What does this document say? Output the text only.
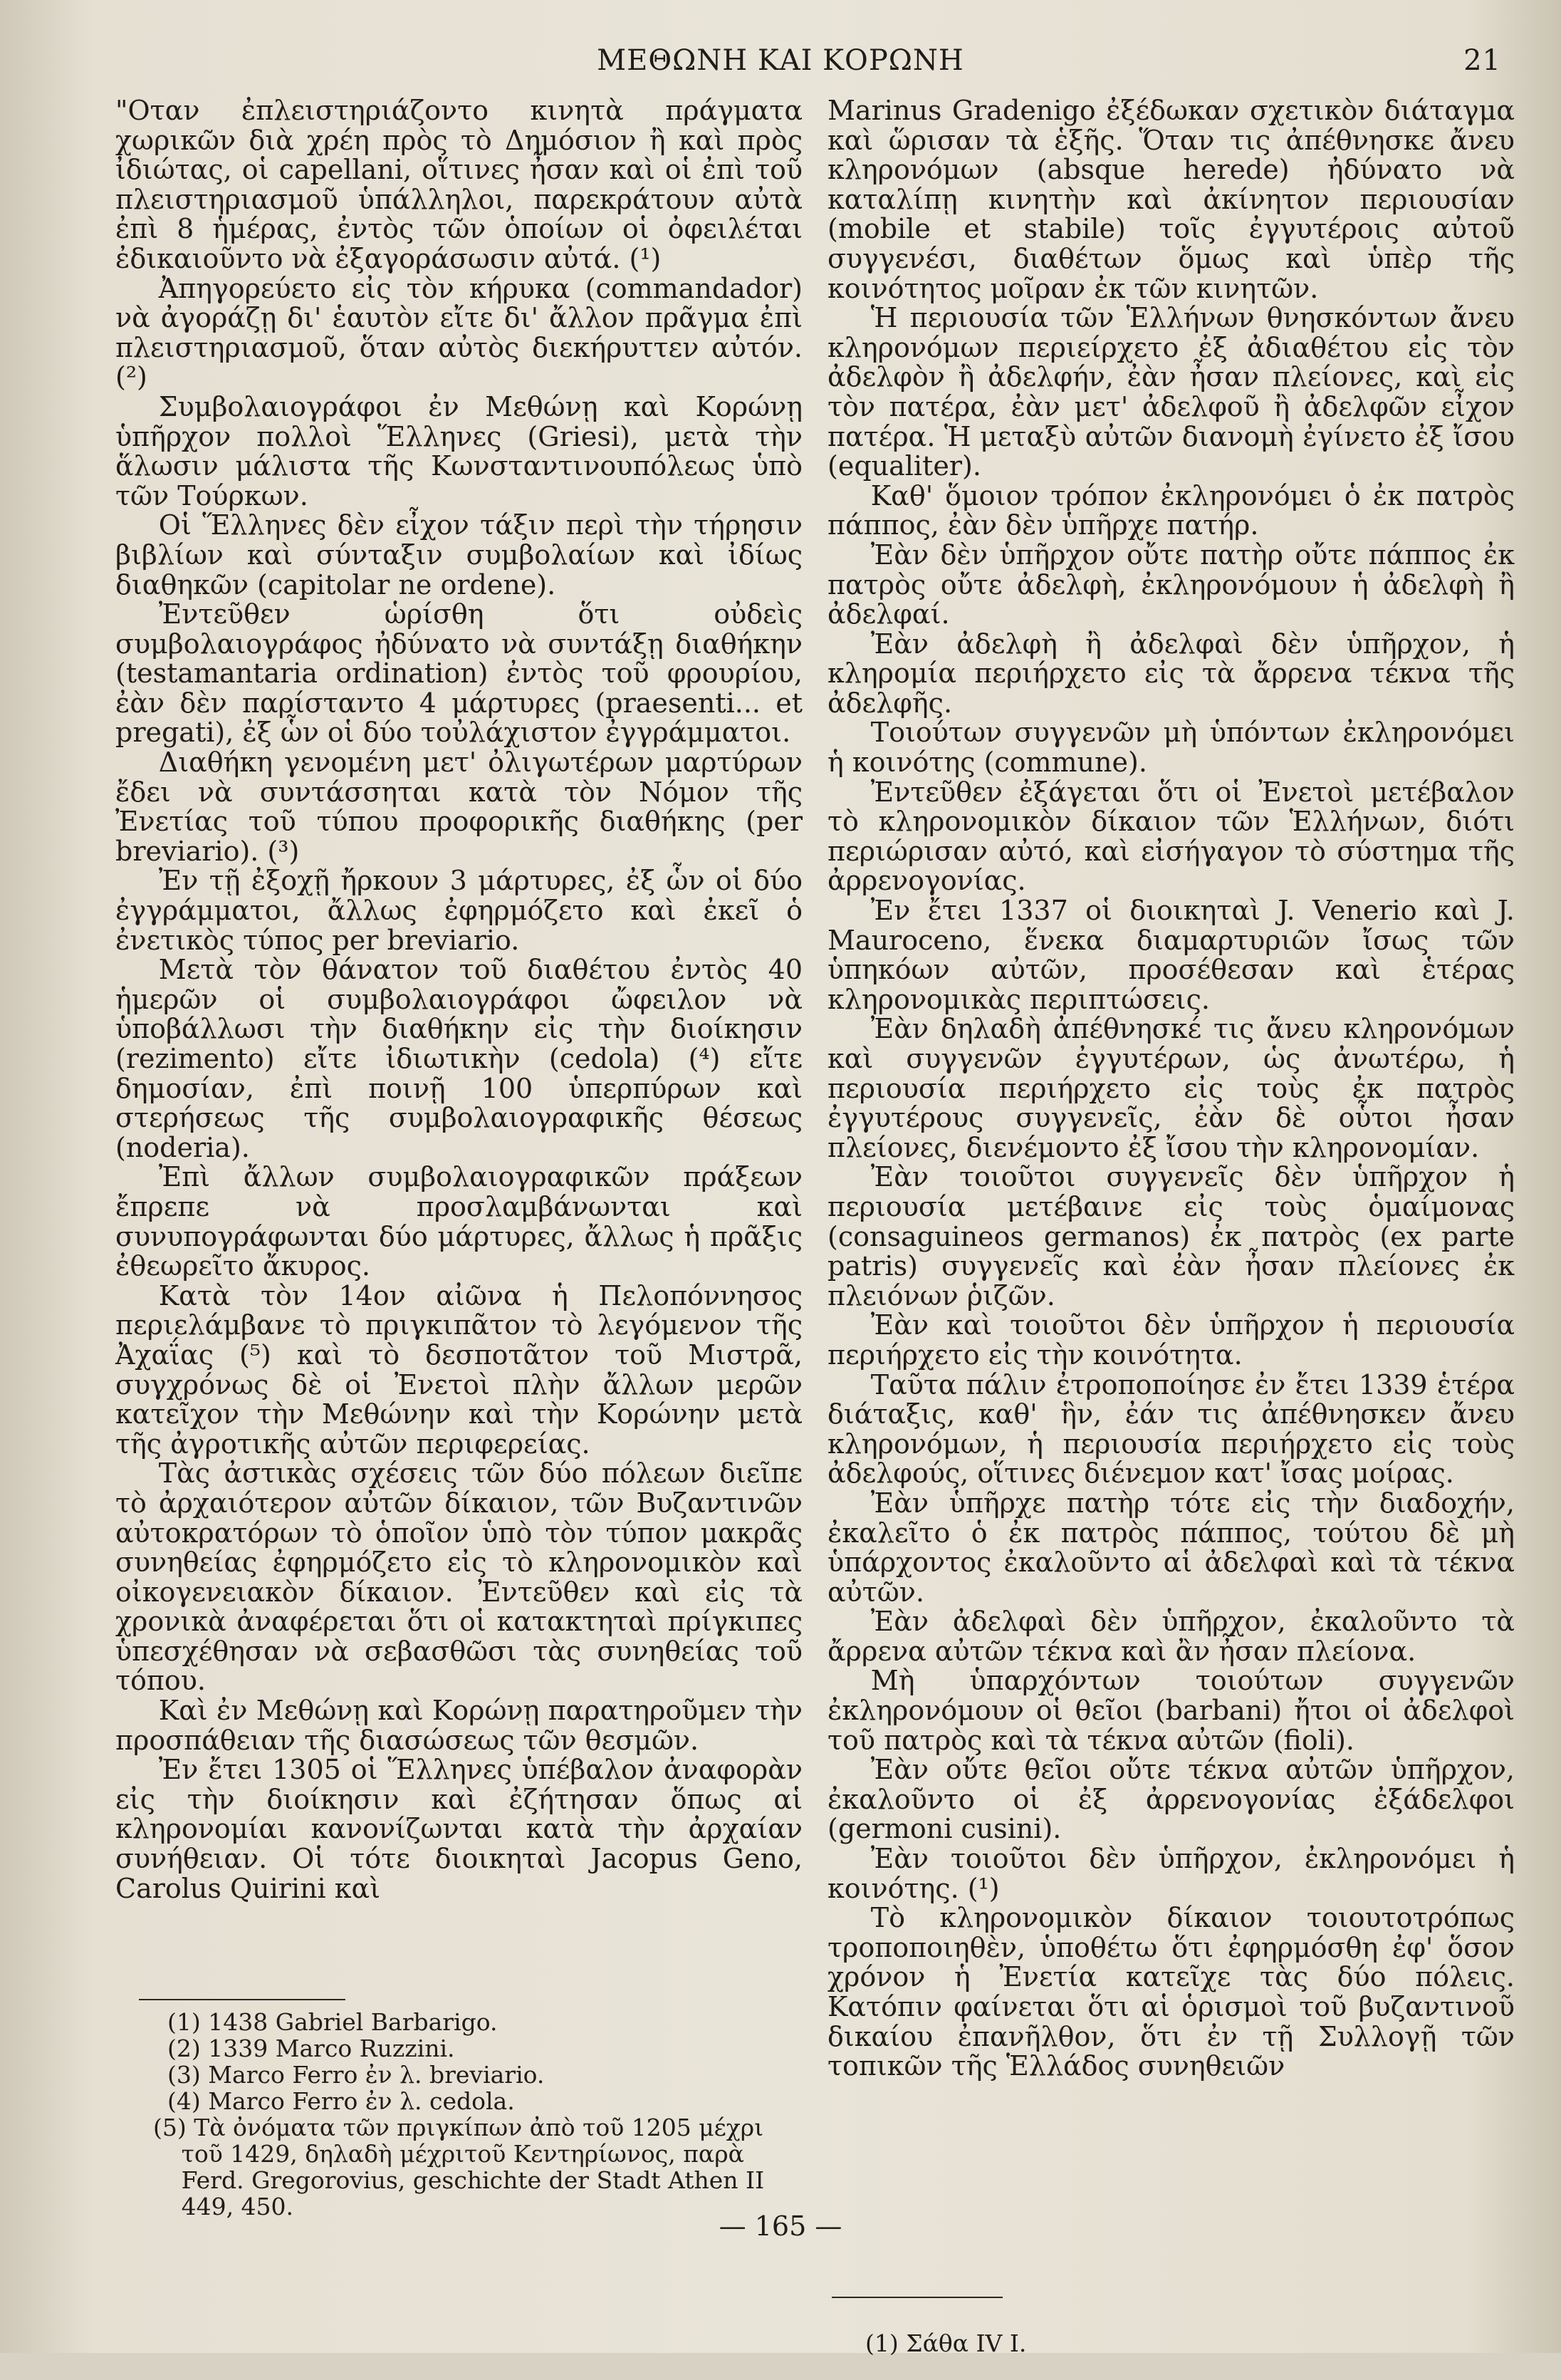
ΜΕΘΩΝΗ ΚΑΙ ΚΟΡΩΝΗ	21

"Οταν ἐπλειστηριάζοντο κινητὰ πράγματα χωρικῶν διὰ χρέη πρὸς τὸ Δημόσιον ἢ καὶ πρὸς ἰδιώτας, οἱ capellani, οἵτινες ἦσαν καὶ οἱ ἐπὶ τοῦ πλειστηριασμοῦ ὑπάλληλοι, παρεκράτουν αὐτὰ ἐπὶ 8 ἡμέρας, ἐντὸς τῶν ὁποίων οἱ ὀφειλέται ἐδικαιοῦντο νὰ ἐξαγοράσωσιν αὐτά. (¹)

Ἀπηγορεύετο εἰς τὸν κήρυκα (commandador) νὰ ἀγοράζῃ δι' ἑαυτὸν εἴτε δι' ἄλλον πρᾶγμα ἐπὶ πλειστηριασμοῦ, ὅταν αὐτὸς διεκήρυττεν αὐτόν. (²)

Συμβολαιογράφοι ἐν Μεθώνῃ καὶ Κορώνῃ ὑπῆρχον πολλοὶ Ἕλληνες (Griesi), μετὰ τὴν ἅλωσιν μάλιστα τῆς Κωνσταντινουπόλεως ὑπὸ τῶν Τούρκων.

Οἱ Ἕλληνες δὲν εἶχον τάξιν περὶ τὴν τήρησιν βιβλίων καὶ σύνταξιν συμβολαίων καὶ ἰδίως διαθηκῶν (capitolar ne ordene).

Ἐντεῦθεν ὡρίσθη ὅτι οὐδεὶς συμβολαιογράφος ἠδύνατο νὰ συντάξῃ διαθήκην (testamantaria ordination) ἐντὸς τοῦ φρουρίου, ἐὰν δὲν παρίσταντο 4 μάρτυρες (praesenti... et pregati), ἐξ ὧν οἱ δύο τοὐλάχιστον ἐγγράμματοι.

Διαθήκη γενομένη μετ' ὀλιγωτέρων μαρτύρων ἔδει νὰ συντάσσηται κατὰ τὸν Νόμον τῆς Ἐνετίας τοῦ τύπου προφορικῆς διαθήκης (per breviario). (³)

Ἐν τῇ ἐξοχῇ ἤρκουν 3 μάρτυρες, ἐξ ὧν οἱ δύο ἐγγράμματοι, ἄλλως ἐφηρμόζετο καὶ ἐκεῖ ὁ ἐνετικὸς τύπος per breviario.

Μετὰ τὸν θάνατον τοῦ διαθέτου ἐντὸς 40 ἡμερῶν οἱ συμβολαιογράφοι ὤφειλον νὰ ὑποβάλλωσι τὴν διαθήκην εἰς τὴν διοίκησιν (rezimento) εἴτε ἰδιωτικὴν (cedola) (⁴) εἴτε δημοσίαν, ἐπὶ ποινῇ 100 ὑπερπύρων καὶ στερήσεως τῆς συμβολαιογραφικῆς θέσεως (noderia).

Ἐπὶ ἄλλων συμβολαιογραφικῶν πράξεων ἔπρεπε νὰ προσλαμβάνωνται καὶ συνυπογράφωνται δύο μάρτυρες, ἄλλως ἡ πρᾶξις ἐθεωρεῖτο ἄκυρος.

Κατὰ τὸν 14ον αἰῶνα ἡ Πελοπόννησος περιελάμβανε τὸ πριγκιπᾶτον τὸ λεγόμενον τῆς Ἀχαΐας (⁵) καὶ τὸ δεσποτᾶτον τοῦ Μιστρᾶ, συγχρόνως δὲ οἱ Ἐνετοὶ πλὴν ἄλλων μερῶν κατεῖχον τὴν Μεθώνην καὶ τὴν Κορώνην μετὰ τῆς ἀγροτικῆς αὐτῶν περιφερείας.

Τὰς ἀστικὰς σχέσεις τῶν δύο πόλεων διεῖπε τὸ ἀρχαιότερον αὐτῶν δίκαιον, τῶν Βυζαντινῶν αὐτοκρατόρων τὸ ὁποῖον ὑπὸ τὸν τύπον μακρᾶς συνηθείας ἐφηρμόζετο εἰς τὸ κληρονομικὸν καὶ οἰκογενειακὸν δίκαιον. Ἐντεῦθεν καὶ εἰς τὰ χρονικὰ ἀναφέρεται ὅτι οἱ κατακτηταὶ πρίγκιπες ὑπεσχέθησαν νὰ σεβασθῶσι τὰς συνηθείας τοῦ τόπου.

Καὶ ἐν Μεθώνῃ καὶ Κορώνῃ παρατηροῦμεν τὴν προσπάθειαν τῆς διασώσεως τῶν θεσμῶν.

Ἐν ἔτει 1305 οἱ Ἕλληνες ὑπέβαλον ἀναφορὰν εἰς τὴν διοίκησιν καὶ ἐζήτησαν ὅπως αἱ κληρονομίαι κανονίζωνται κατὰ τὴν ἀρχαίαν συνήθειαν. Οἱ τότε διοικηταὶ Jacopus Geno, Carolus Quirini καὶ

Marinus Gradenigo ἐξέδωκαν σχετικὸν διάταγμα καὶ ὥρισαν τὰ ἑξῆς. Ὅταν τις ἀπέθνησκε ἄνευ κληρονόμων (absque herede) ἠδύνατο νὰ καταλίπῃ κινητὴν καὶ ἀκίνητον περιουσίαν (mobile et stabile) τοῖς ἐγγυτέροις αὐτοῦ συγγενέσι, διαθέτων ὅμως καὶ ὑπὲρ τῆς κοινότητος μοῖραν ἐκ τῶν κινητῶν.

Ἡ περιουσία τῶν Ἑλλήνων θνησκόντων ἄνευ κληρονόμων περιείρχετο ἐξ ἀδιαθέτου εἰς τὸν ἀδελφὸν ἢ ἀδελφήν, ἐὰν ἦσαν πλείονες, καὶ εἰς τὸν πατέρα, ἐὰν μετ' ἀδελφοῦ ἢ ἀδελφῶν εἶχον πατέρα. Ἡ μεταξὺ αὐτῶν διανομὴ ἐγίνετο ἐξ ἴσου (equaliter).

Καθ' ὅμοιον τρόπον ἐκληρονόμει ὁ ἐκ πατρὸς πάππος, ἐὰν δὲν ὑπῆρχε πατήρ.

Ἐὰν δὲν ὑπῆρχον οὔτε πατὴρ οὔτε πάππος ἐκ πατρὸς οὔτε ἀδελφὴ, ἐκληρονόμουν ἡ ἀδελφὴ ἢ ἀδελφαί.

Ἐὰν ἀδελφὴ ἢ ἀδελφαὶ δὲν ὑπῆρχον, ἡ κληρομία περιήρχετο εἰς τὰ ἄρρενα τέκνα τῆς ἀδελφῆς.

Τοιούτων συγγενῶν μὴ ὑπόντων ἐκληρονόμει ἡ κοινότης (commune).

Ἐντεῦθεν ἐξάγεται ὅτι οἱ Ἐνετοὶ μετέβαλον τὸ κληρονομικὸν δίκαιον τῶν Ἑλλήνων, διότι περιώρισαν αὐτό, καὶ εἰσήγαγον τὸ σύστημα τῆς ἀρρενογονίας.

Ἐν ἔτει 1337 οἱ διοικηταὶ J. Venerio καὶ J. Mauroceno, ἕνεκα διαμαρτυριῶν ἴσως τῶν ὑπηκόων αὐτῶν, προσέθεσαν καὶ ἑτέρας κληρονομικὰς περιπτώσεις.

Ἐὰν δηλαδὴ ἀπέθνησκέ τις ἄνευ κληρονόμων καὶ συγγενῶν ἐγγυτέρων, ὡς ἀνωτέρω, ἡ περιουσία περιήρχετο εἰς τοὺς ἐκ πατρὸς ἐγγυτέρους συγγενεῖς, ἐὰν δὲ οὗτοι ἦσαν πλείονες, διενέμοντο ἐξ ἴσου τὴν κληρονομίαν.

Ἐὰν τοιοῦτοι συγγενεῖς δὲν ὑπῆρχον ἡ περιουσία μετέβαινε εἰς τοὺς ὁμαίμονας (consaguineos germanos) ἐκ πατρὸς (ex parte patris) συγγενεῖς καὶ ἐὰν ἦσαν πλείονες ἐκ πλειόνων ῥιζῶν.

Ἐὰν καὶ τοιοῦτοι δὲν ὑπῆρχον ἡ περιουσία περιήρχετο εἰς τὴν κοινότητα.

Ταῦτα πάλιν ἐτροποποίησε ἐν ἔτει 1339 ἑτέρα διάταξις, καθ' ἣν, ἐάν τις ἀπέθνησκεν ἄνευ κληρονόμων, ἡ περιουσία περιήρχετο εἰς τοὺς ἀδελφούς, οἵτινες διένεμον κατ' ἴσας μοίρας.

Ἐὰν ὑπῆρχε πατὴρ τότε εἰς τὴν διαδοχήν, ἐκαλεῖτο ὁ ἐκ πατρὸς πάππος, τούτου δὲ μὴ ὑπάρχοντος ἐκαλοῦντο αἱ ἀδελφαὶ καὶ τὰ τέκνα αὐτῶν.

Ἐὰν ἀδελφαὶ δὲν ὑπῆρχον, ἐκαλοῦντο τὰ ἄρρενα αὐτῶν τέκνα καὶ ἂν ἦσαν πλείονα.

Μὴ ὑπαρχόντων τοιούτων συγγενῶν ἐκληρονόμουν οἱ θεῖοι (barbani) ἤτοι οἱ ἀδελφοὶ τοῦ πατρὸς καὶ τὰ τέκνα αὐτῶν (fioli).

Ἐὰν οὔτε θεῖοι οὔτε τέκνα αὐτῶν ὑπῆρχον, ἐκαλοῦντο οἱ ἐξ ἀρρενογονίας ἐξάδελφοι (germoni cusini).

Ἐὰν τοιοῦτοι δὲν ὑπῆρχον, ἐκληρονόμει ἡ κοινότης. (¹)

Τὸ κληρονομικὸν δίκαιον τοιουτοτρόπως τροποποιηθὲν, ὑποθέτω ὅτι ἐφηρμόσθη ἐφ' ὅσον χρόνον ἡ Ἐνετία κατεῖχε τὰς δύο πόλεις. Κατόπιν φαίνεται ὅτι αἱ ὁρισμοὶ τοῦ βυζαντινοῦ δικαίου ἐπανῆλθον, ὅτι ἐν τῇ Συλλογῇ τῶν τοπικῶν τῆς Ἑλλάδος συνηθειῶν

(1) 1438 Gabriel Barbarigo.

(2) 1339 Marco Ruzzini.

(3) Marco Ferro ἐν λ. breviario.

(4) Marco Ferro ἐν λ. cedola.

(5) Τὰ ὀνόματα τῶν πριγκίπων ἀπὸ τοῦ 1205 μέχρι τοῦ 1429, δηλαδὴ μέχριτοῦ Κεντηρίωνος, παρὰ Ferd. Gregorovius, geschichte der Stadt Athen II 449, 450.

(1) Σάθα IV I.

— 165 —
